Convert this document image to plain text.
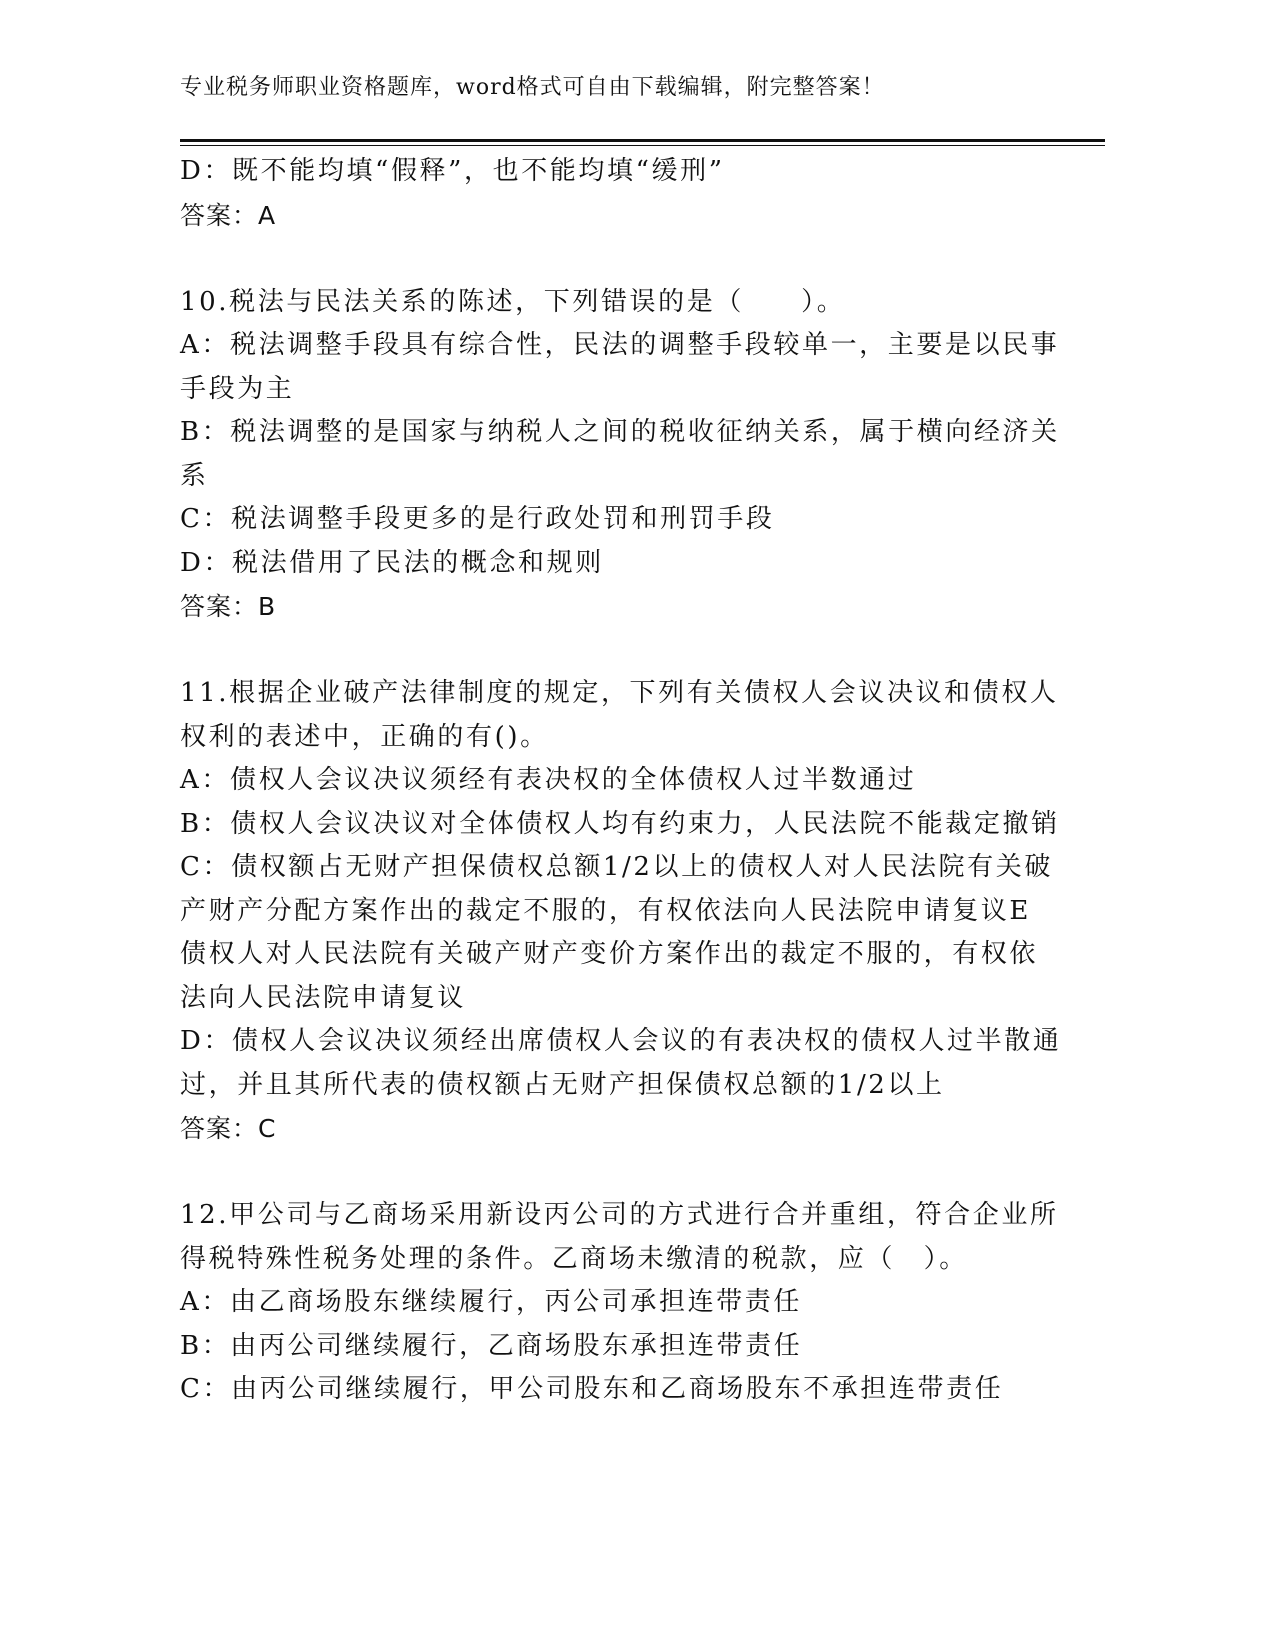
专业税务师职业资格题库，word格式可自由下载编辑，附完整答案！
D：既不能均填“假释”，也不能均填“缓刑”
答案：A
10.税法与民法关系的陈述，下列错误的是（　　）。
A：税法调整手段具有综合性，民法的调整手段较单一，主要是以民事
手段为主
B：税法调整的是国家与纳税人之间的税收征纳关系，属于横向经济关
系
C：税法调整手段更多的是行政处罚和刑罚手段
D：税法借用了民法的概念和规则
答案：B
11.根据企业破产法律制度的规定，下列有关债权人会议决议和债权人
权利的表述中，正确的有()。
A：债权人会议决议须经有表决权的全体债权人过半数通过
B：债权人会议决议对全体债权人均有约束力，人民法院不能裁定撤销
C：债权额占无财产担保债权总额1/2以上的债权人对人民法院有关破
产财产分配方案作出的裁定不服的，有权依法向人民法院申请复议E
债权人对人民法院有关破产财产变价方案作出的裁定不服的，有权依
法向人民法院申请复议
D：债权人会议决议须经出席债权人会议的有表决权的债权人过半散通
过，并且其所代表的债权额占无财产担保债权总额的1/2以上
答案：C
12.甲公司与乙商场采用新设丙公司的方式进行合并重组，符合企业所
得税特殊性税务处理的条件。乙商场未缴清的税款，应（　）。
A：由乙商场股东继续履行，丙公司承担连带责任
B：由丙公司继续履行，乙商场股东承担连带责任
C：由丙公司继续履行，甲公司股东和乙商场股东不承担连带责任
